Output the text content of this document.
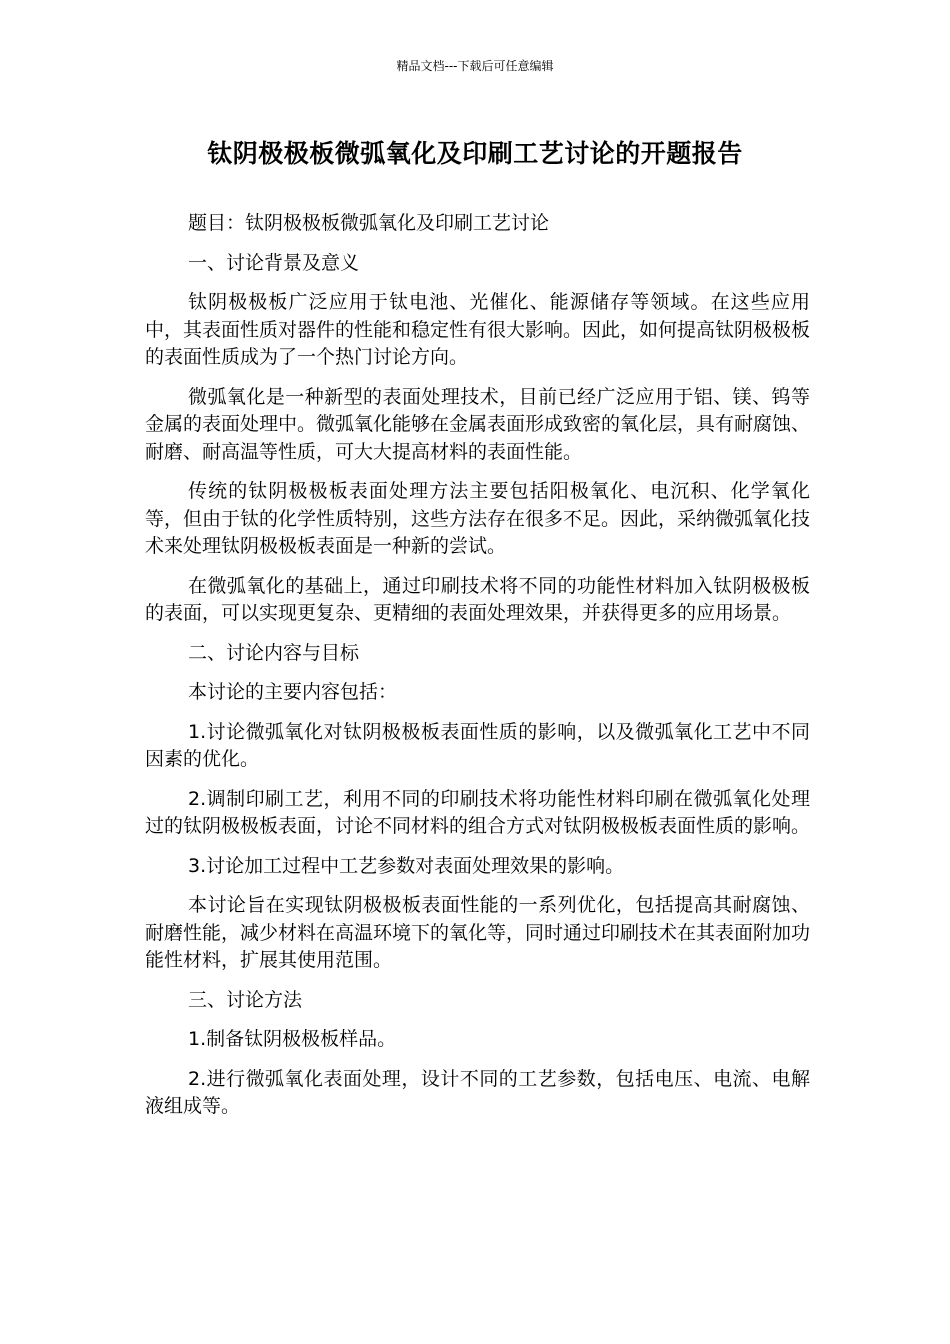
精品文档---下载后可任意编辑
钛阴极极板微弧氧化及印刷工艺讨论的开题报告

题目：钛阴极极板微弧氧化及印刷工艺讨论

一、讨论背景及意义

钛阴极极板广泛应用于钛电池、光催化、能源储存等领域。在这些应用中，其表面性质对器件的性能和稳定性有很大影响。因此，如何提高钛阴极极板的表面性质成为了一个热门讨论方向。

微弧氧化是一种新型的表面处理技术，目前已经广泛应用于铝、镁、钨等金属的表面处理中。微弧氧化能够在金属表面形成致密的氧化层，具有耐腐蚀、耐磨、耐高温等性质，可大大提高材料的表面性能。

传统的钛阴极极板表面处理方法主要包括阳极氧化、电沉积、化学氧化等，但由于钛的化学性质特别，这些方法存在很多不足。因此，采纳微弧氧化技术来处理钛阴极极板表面是一种新的尝试。

在微弧氧化的基础上，通过印刷技术将不同的功能性材料加入钛阴极极板的表面，可以实现更复杂、更精细的表面处理效果，并获得更多的应用场景。

二、讨论内容与目标

本讨论的主要内容包括：

1.讨论微弧氧化对钛阴极极板表面性质的影响，以及微弧氧化工艺中不同因素的优化。

2.调制印刷工艺，利用不同的印刷技术将功能性材料印刷在微弧氧化处理过的钛阴极极板表面，讨论不同材料的组合方式对钛阴极极板表面性质的影响。

3.讨论加工过程中工艺参数对表面处理效果的影响。

本讨论旨在实现钛阴极极板表面性能的一系列优化，包括提高其耐腐蚀、耐磨性能，减少材料在高温环境下的氧化等，同时通过印刷技术在其表面附加功能性材料，扩展其使用范围。

三、讨论方法

1.制备钛阴极极板样品。

2.进行微弧氧化表面处理，设计不同的工艺参数，包括电压、电流、电解液组成等。
